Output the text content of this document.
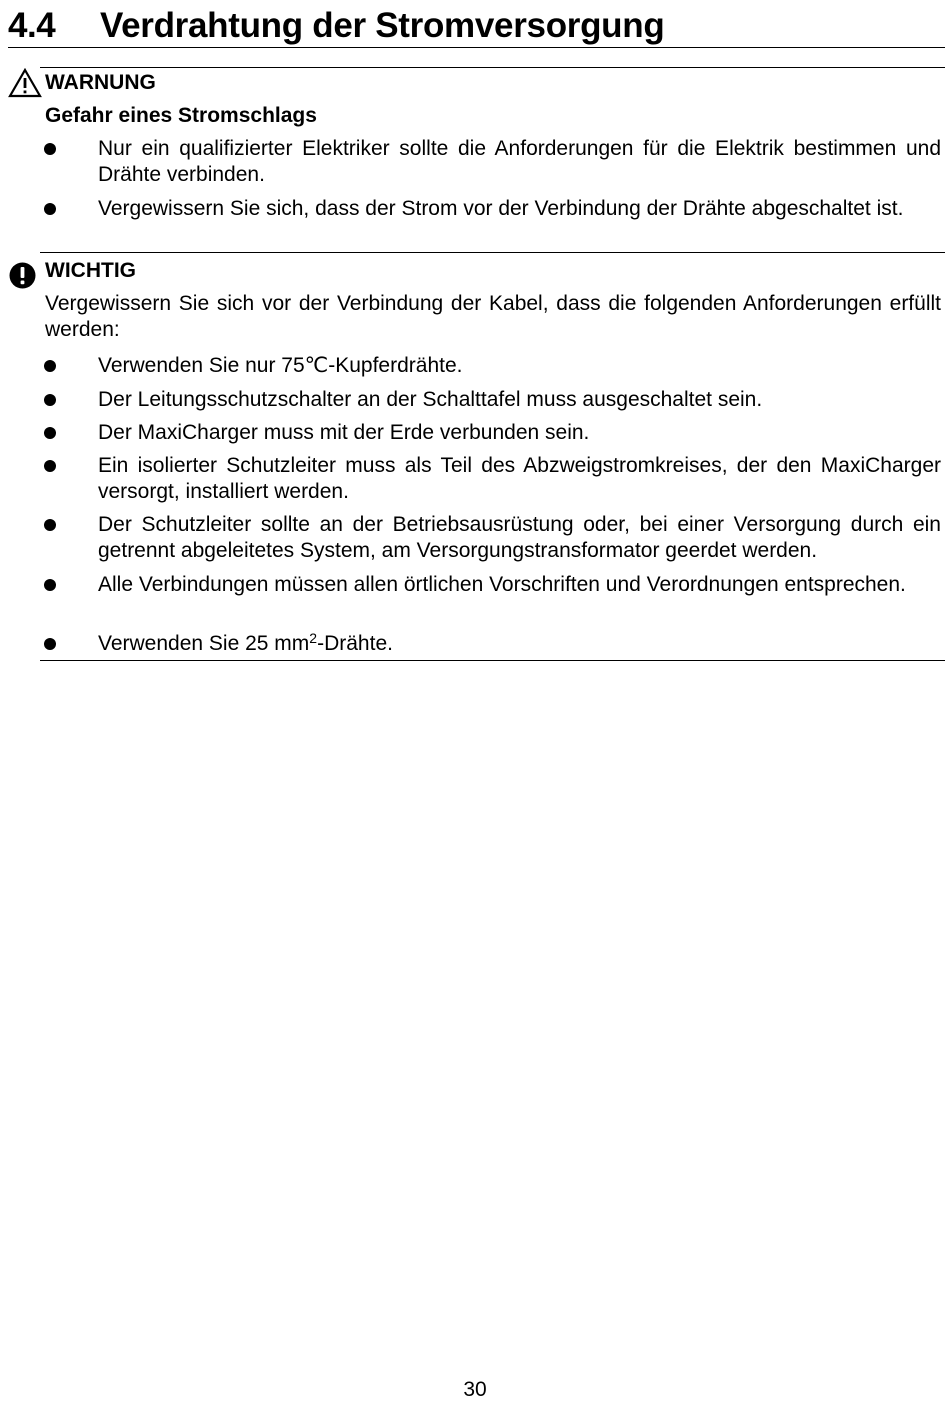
4.4 Verdrahtung der Stromversorgung
WARNUNG
Gefahr eines Stromschlags
Nur ein qualifizierter Elektriker sollte die Anforderungen für die Elektrik bestimmen und Drähte verbinden.
Vergewissern Sie sich, dass der Strom vor der Verbindung der Drähte abgeschaltet ist.
WICHTIG
Vergewissern Sie sich vor der Verbindung der Kabel, dass die folgenden Anforderungen erfüllt werden:
Verwenden Sie nur 75℃-Kupferdrähte.
Der Leitungsschutzschalter an der Schalttafel muss ausgeschaltet sein.
Der MaxiCharger muss mit der Erde verbunden sein.
Ein isolierter Schutzleiter muss als Teil des Abzweigstromkreises, der den MaxiCharger versorgt, installiert werden.
Der Schutzleiter sollte an der Betriebsausrüstung oder, bei einer Versorgung durch ein getrennt abgeleitetes System, am Versorgungstransformator geerdet werden.
Alle Verbindungen müssen allen örtlichen Vorschriften und Verordnungen entsprechen.
Verwenden Sie 25 $mm^2$-Drähte.
30
